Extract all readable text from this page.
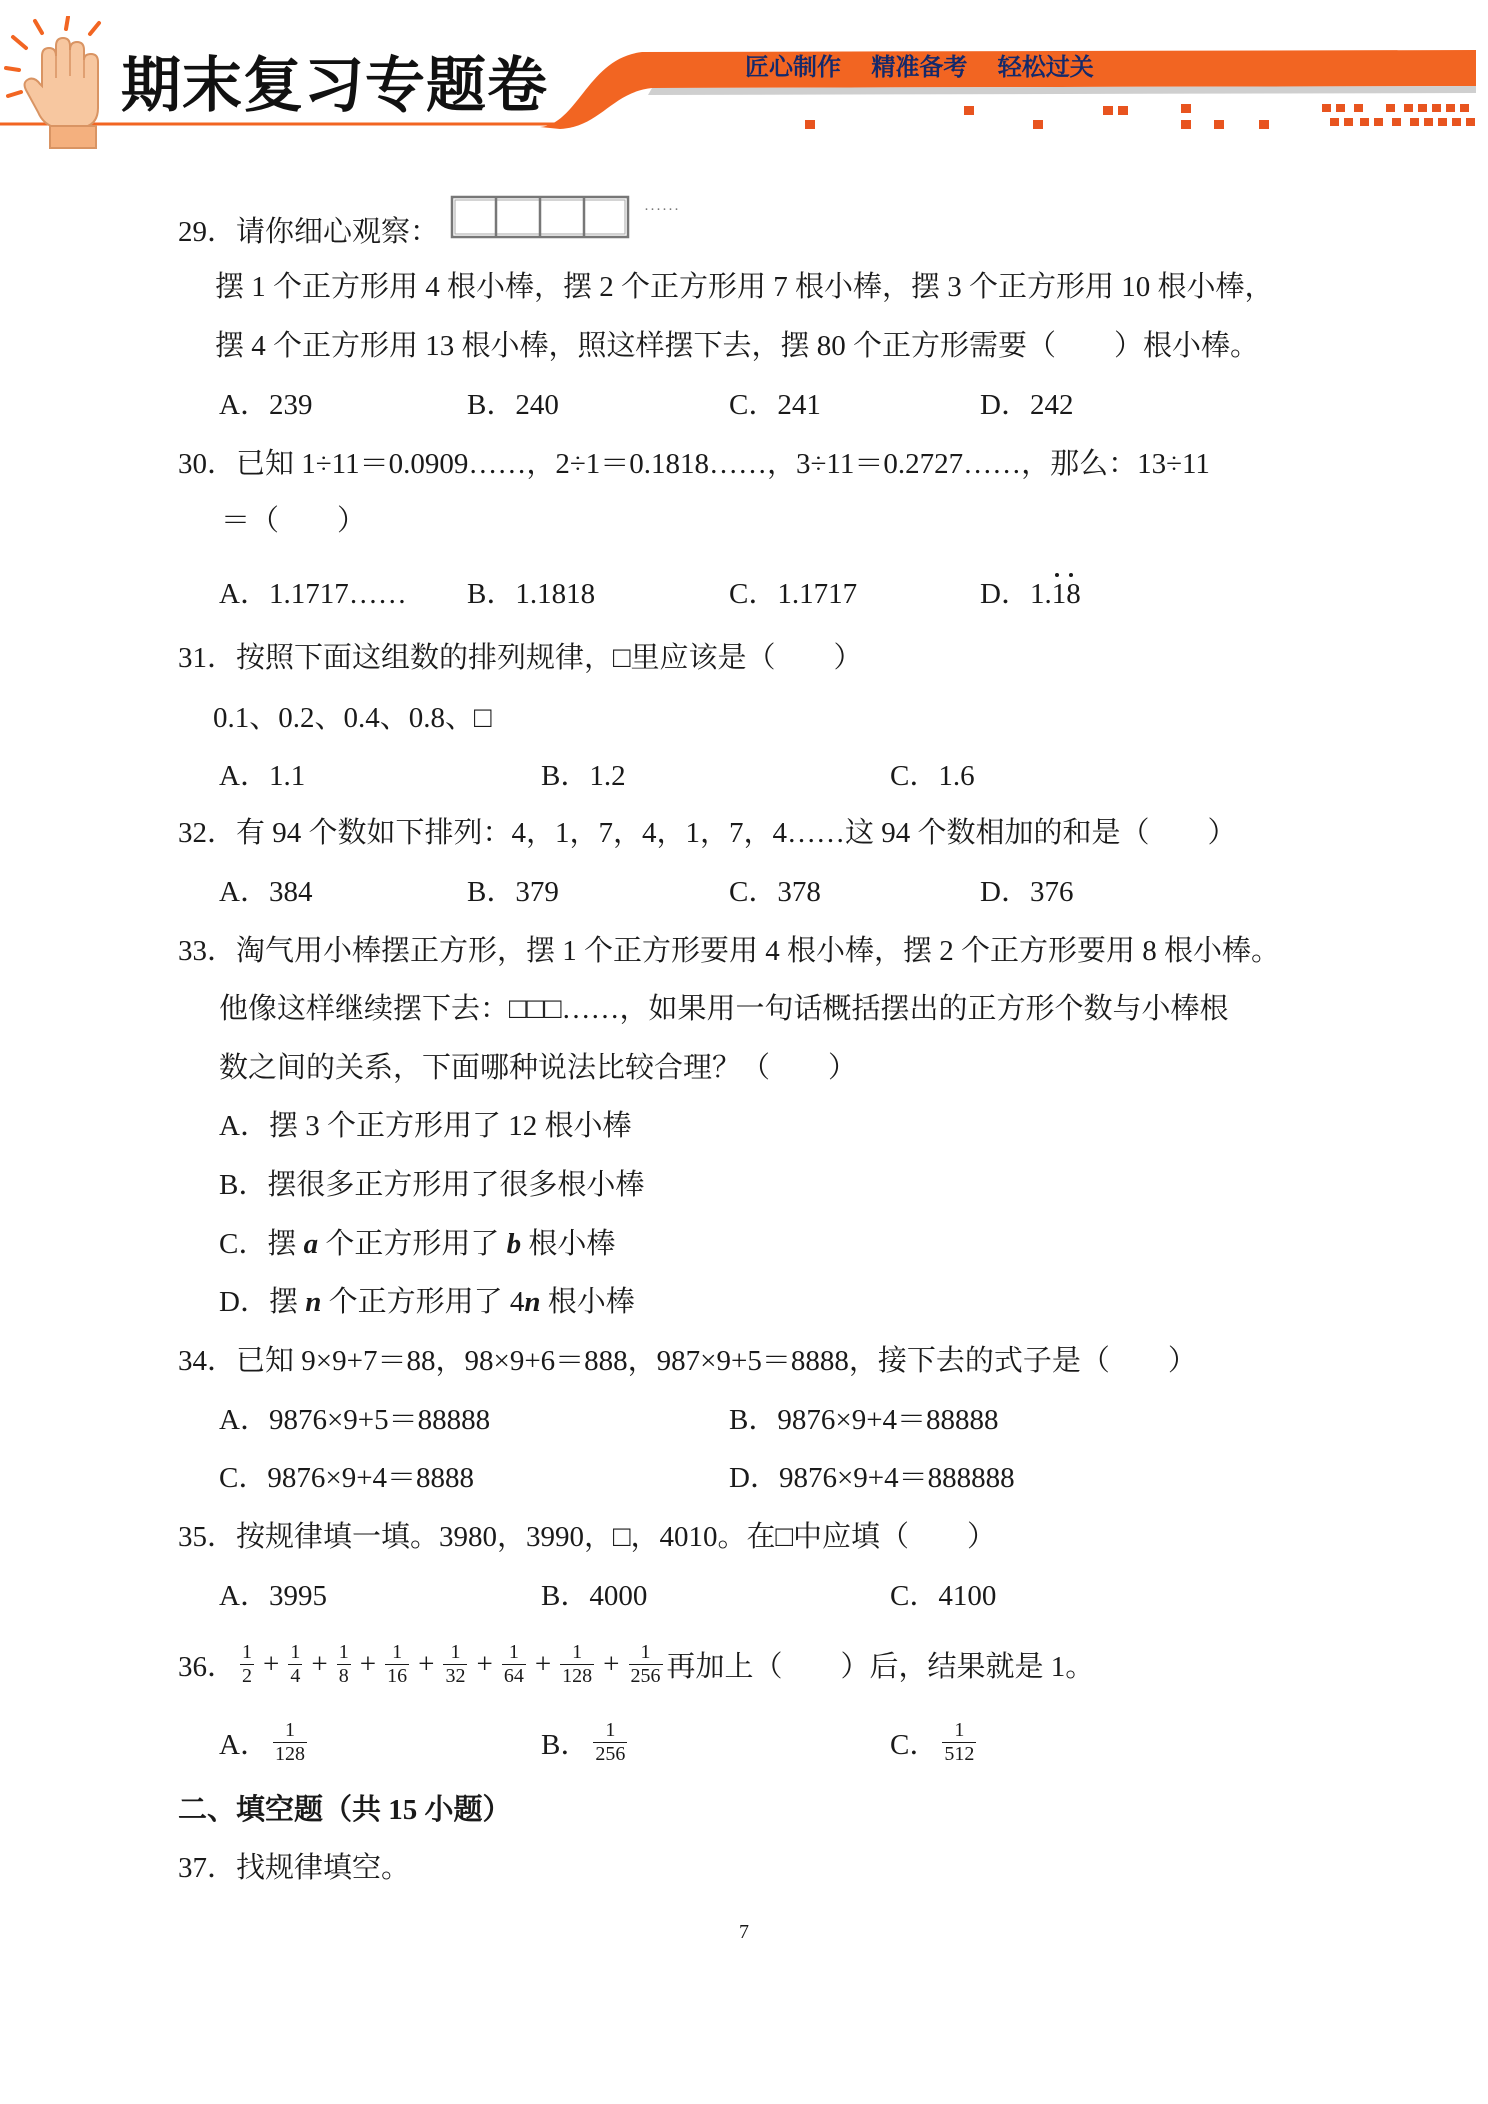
期末复习专题卷	匠心制作 精准备考 轻松过关
29．请你细心观察：
······
摆 1 个正方形用 4 根小棒，摆 2 个正方形用 7 根小棒，摆 3 个正方形用 10 根小棒，
摆 4 个正方形用 13 根小棒，照这样摆下去，摆 80 个正方形需要（　　）根小棒。
A．239	B．240	C．241	D．242
30．已知 1÷11＝0.0909……，2÷1＝0.1818……，3÷11＝0.2727……，那么：13÷11
＝（　　）
A．1.1717…… B．1.1818	C．1.1717	D．1.18
31．按照下面这组数的排列规律，□里应该是（　　）
0.1、0.2、0.4、0.8、□
A．1.1	B．1.2	C．1.6
32．有 94 个数如下排列：4，1，7，4，1，7，4……这 94 个数相加的和是（　　）
A．384	B．379	C．378	D．376
33．淘气用小棒摆正方形，摆 1 个正方形要用 4 根小棒，摆 2 个正方形要用 8 根小棒。
他像这样继续摆下去：□□□……，如果用一句话概括摆出的正方形个数与小棒根
数之间的关系，下面哪种说法比较合理？（　　）
A．摆 3 个正方形用了 12 根小棒
B．摆很多正方形用了很多根小棒
C．摆 a 个正方形用了 b 根小棒
D．摆 n 个正方形用了 4n 根小棒
34．已知 9×9+7＝88，98×9+6＝888，987×9+5＝8888，接下去的式子是（　　）
A．9876×9+5＝88888	B．9876×9+4＝88888
C．9876×9+4＝8888	D．9876×9+4＝888888
35．按规律填一填。3980，3990，□，4010。在□中应填（　　）
A．3995	B．4000	C．4100
36． $\frac{1}{2} + \frac{1}{4} + \frac{1}{8} + \frac{1}{16} + \frac{1}{32} + \frac{1}{64} + \frac{1}{128} + \frac{1}{256}$ 再加上（　　）后，结果就是 1。
A． $\frac{1}{128}$	B． $\frac{1}{256}$	C． $\frac{1}{512}$
二、填空题（共 15 小题）
37．找规律填空。
7
